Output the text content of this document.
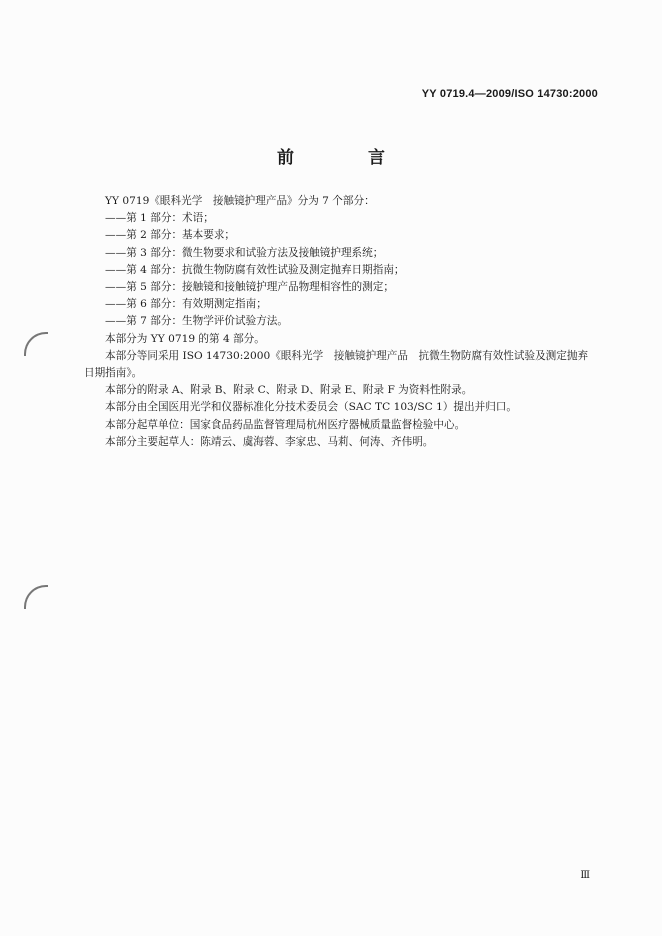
YY 0719.4—2009/ISO 14730:2000
前 言

YY 0719《眼科光学　接触镜护理产品》分为 7 个部分：

——第 1 部分：术语；

——第 2 部分：基本要求；

——第 3 部分：微生物要求和试验方法及接触镜护理系统；

——第 4 部分：抗微生物防腐有效性试验及测定抛弃日期指南；

——第 5 部分：接触镜和接触镜护理产品物理相容性的测定；

——第 6 部分：有效期测定指南；

——第 7 部分：生物学评价试验方法。

本部分为 YY 0719 的第 4 部分。

本部分等同采用 ISO 14730:2000《眼科光学　接触镜护理产品　抗微生物防腐有效性试验及测定抛弃日期指南》。

本部分的附录 A、附录 B、附录 C、附录 D、附录 E、附录 F 为资料性附录。

本部分由全国医用光学和仪器标准化分技术委员会（SAC TC 103/SC 1）提出并归口。

本部分起草单位：国家食品药品监督管理局杭州医疗器械质量监督检验中心。

本部分主要起草人：陈靖云、虞海蓉、李家忠、马莉、何涛、齐伟明。

Ⅲ
